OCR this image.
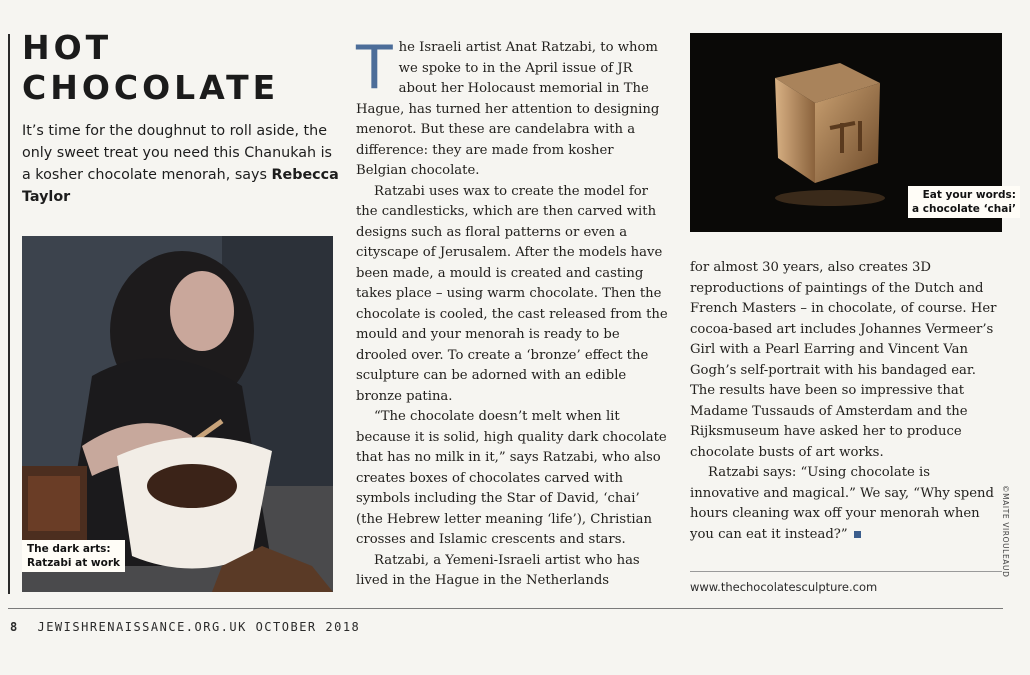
HOT
CHOCOLATE
It’s time for the doughnut to roll aside, the only sweet treat you need this Chanukah is a kosher chocolate menorah, says Rebecca Taylor
The dark arts:
Ratzabi at work

The Israeli artist Anat Ratzabi, to whom we spoke to in the April issue of JR about her Holocaust memorial in The Hague, has turned her attention to designing menorot. But these are candelabra with a difference: they are made from kosher Belgian chocolate.

Ratzabi uses wax to create the model for the candlesticks, which are then carved with designs such as floral patterns or even a cityscape of Jerusalem. After the models have been made, a mould is created and casting takes place – using warm chocolate. Then the chocolate is cooled, the cast released from the mould and your menorah is ready to be drooled over. To create a ‘bronze’ effect the sculpture can be adorned with an edible bronze patina.

“The chocolate doesn’t melt when lit because it is solid, high quality dark chocolate that has no milk in it,” says Ratzabi, who also creates boxes of chocolates carved with symbols including the Star of David, ‘chai’ (the Hebrew letter meaning ‘life’), Christian crosses and Islamic crescents and stars.

Ratzabi, a Yemeni-Israeli artist who has lived in the Hague in the Netherlands

Eat your words:
a chocolate ‘chai’

for almost 30 years, also creates 3D reproductions of paintings of the Dutch and French Masters – in chocolate, of course. Her cocoa-based art includes Johannes Vermeer’s Girl with a Pearl Earring and Vincent Van Gogh’s self-portrait with his bandaged ear. The results have been so impressive that Madame Tussauds of Amsterdam and the Rijksmuseum have asked her to produce chocolate busts of art works.

Ratzabi says: “Using chocolate is innovative and magical.” We say, “Why spend hours cleaning wax off your menorah when you can eat it instead?”

www.thechocolatesculpture.com
©MAITE VIROULEAUD
8 JEWISHRENAISSANCE.ORG.UK OCTOBER 2018
